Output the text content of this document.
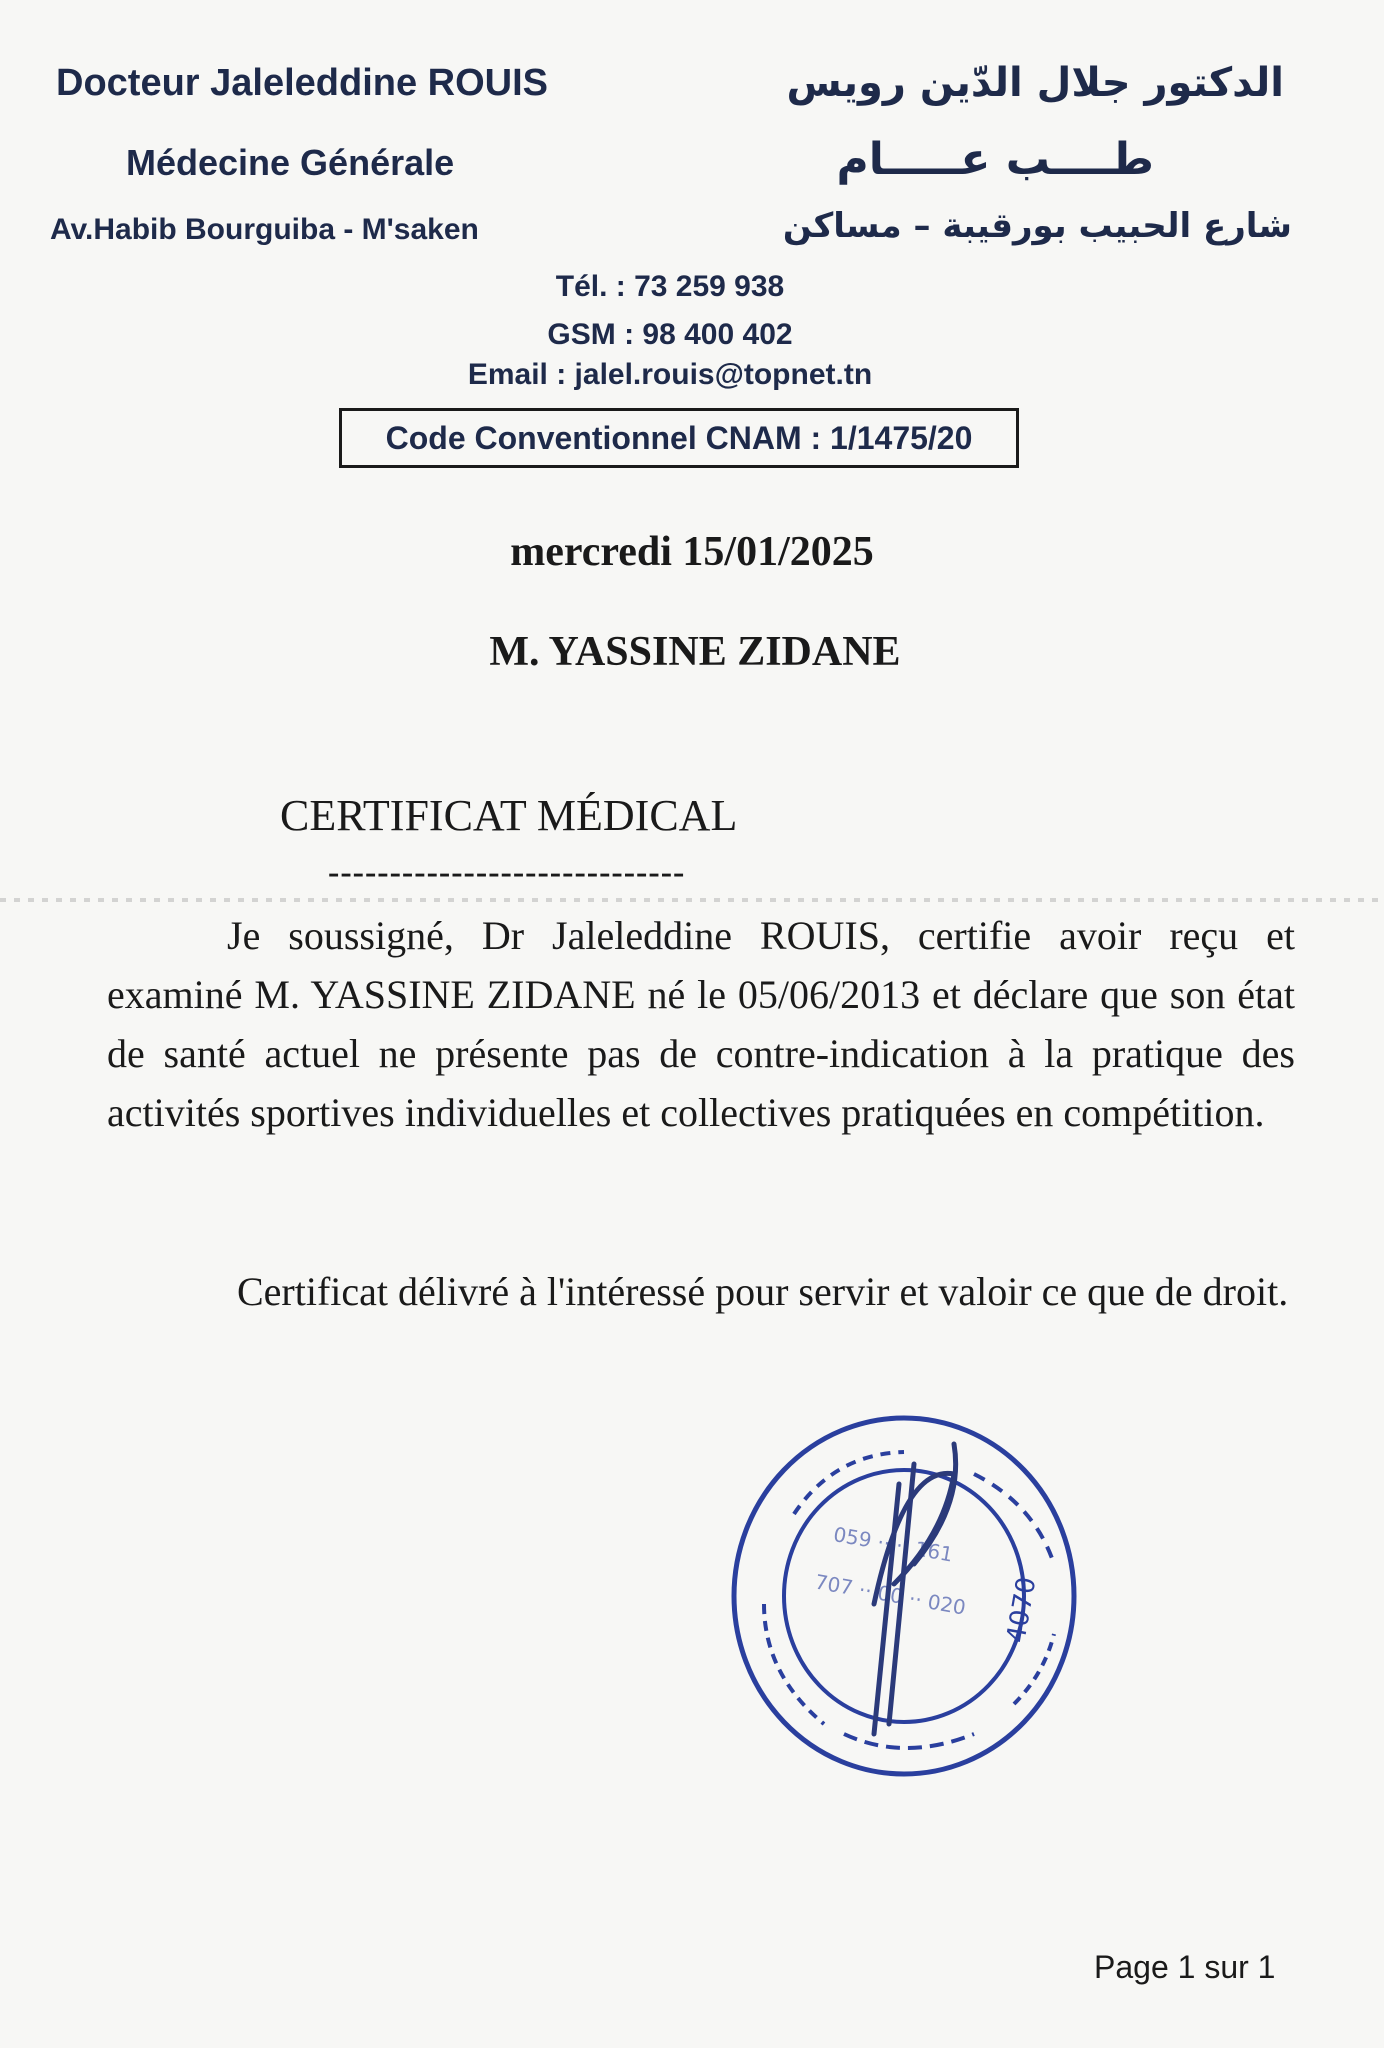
Docteur Jaleleddine ROUIS
Médecine Générale
Av.Habib Bourguiba - M'saken
الدكتور جلال الدّين رويس
طــــب عـــــام
شارع الحبيب بورقيبة – مساكن
Tél. : 73 259 938
GSM : 98 400 402
Email : jalel.rouis@topnet.tn
Code Conventionnel CNAM : 1/1475/20
mercredi 15/01/2025
M. YASSINE ZIDANE
CERTIFICAT MÉDICAL
-----------------------------
Je soussigné, Dr Jaleleddine ROUIS, certifie avoir reçu et examiné M. YASSINE ZIDANE né le 05/06/2013 et déclare que son état de santé actuel ne présente pas de contre-indication à la pratique des activités sportives individuelles et collectives pratiquées en compétition.
Certificat délivré à l'intéressé pour servir et valoir ce que de droit.
059 ·· ·· 161
707 ·· 00 ·· 020 4070
Page 1 sur 1
